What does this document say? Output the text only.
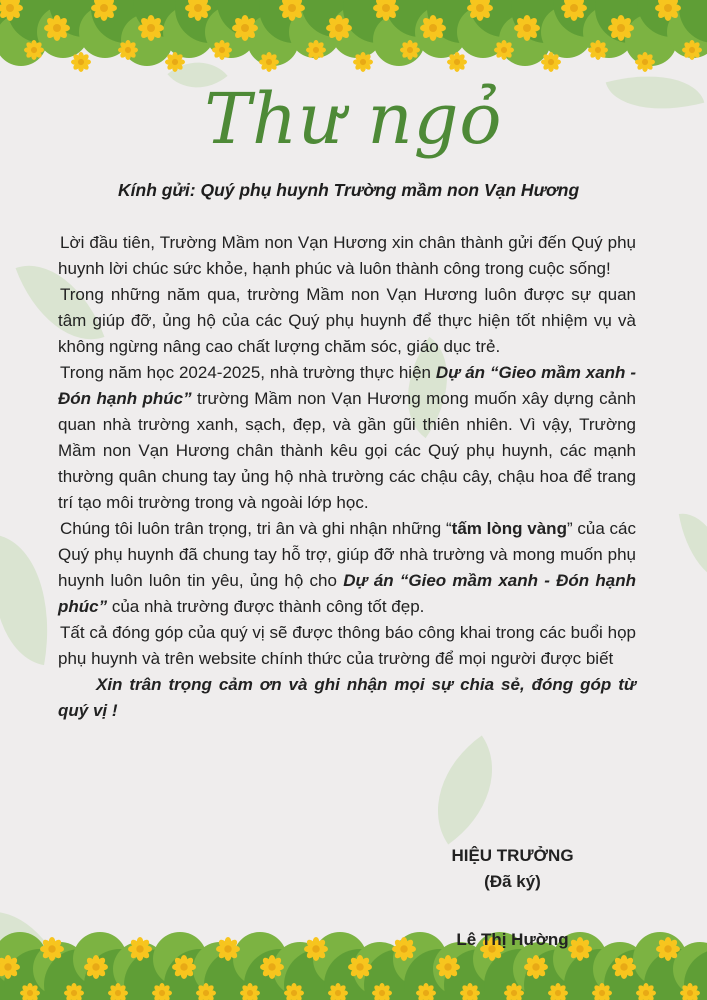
Thư ngỏ
Kính gửi: Quý phụ huynh Trường mầm non Vạn Hương

Lời đầu tiên, Trường Mầm non Vạn Hương xin chân thành gửi đến Quý phụ huynh lời chúc sức khỏe, hạnh phúc và luôn thành công trong cuộc sống!

Trong những năm qua, trường Mầm non Vạn Hương luôn được sự quan tâm giúp đỡ, ủng hộ của các Quý phụ huynh để thực hiện tốt nhiệm vụ và không ngừng nâng cao chất lượng chăm sóc, giáo dục trẻ.

Trong năm học 2024-2025, nhà trường thực hiện Dự án “Gieo mầm xanh - Đón hạnh phúc” trường Mầm non Vạn Hương mong muốn xây dựng cảnh quan nhà trường xanh, sạch, đẹp, và gần gũi thiên nhiên. Vì vậy, Trường Mầm non Vạn Hương chân thành kêu gọi các Quý phụ huynh, các mạnh thường quân chung tay ủng hộ nhà trường các chậu cây, chậu hoa để trang trí tạo môi trường trong và ngoài lớp học.

Chúng tôi luôn trân trọng, tri ân và ghi nhận những “tấm lòng vàng” của các Quý phụ huynh đã chung tay hỗ trợ, giúp đỡ nhà trường và mong muốn phụ huynh luôn luôn tin yêu, ủng hộ cho Dự án “Gieo mầm xanh - Đón hạnh phúc” của nhà trường được thành công tốt đẹp.

Tất cả đóng góp của quý vị sẽ được thông báo công khai trong các buổi họp phụ huynh và trên website chính thức của trường để mọi người được biết

Xin trân trọng cảm ơn và ghi nhận mọi sự chia sẻ, đóng góp từ quý vị !

HIỆU TRƯỞNG
(Đã ký)
Lê Thị Hường
